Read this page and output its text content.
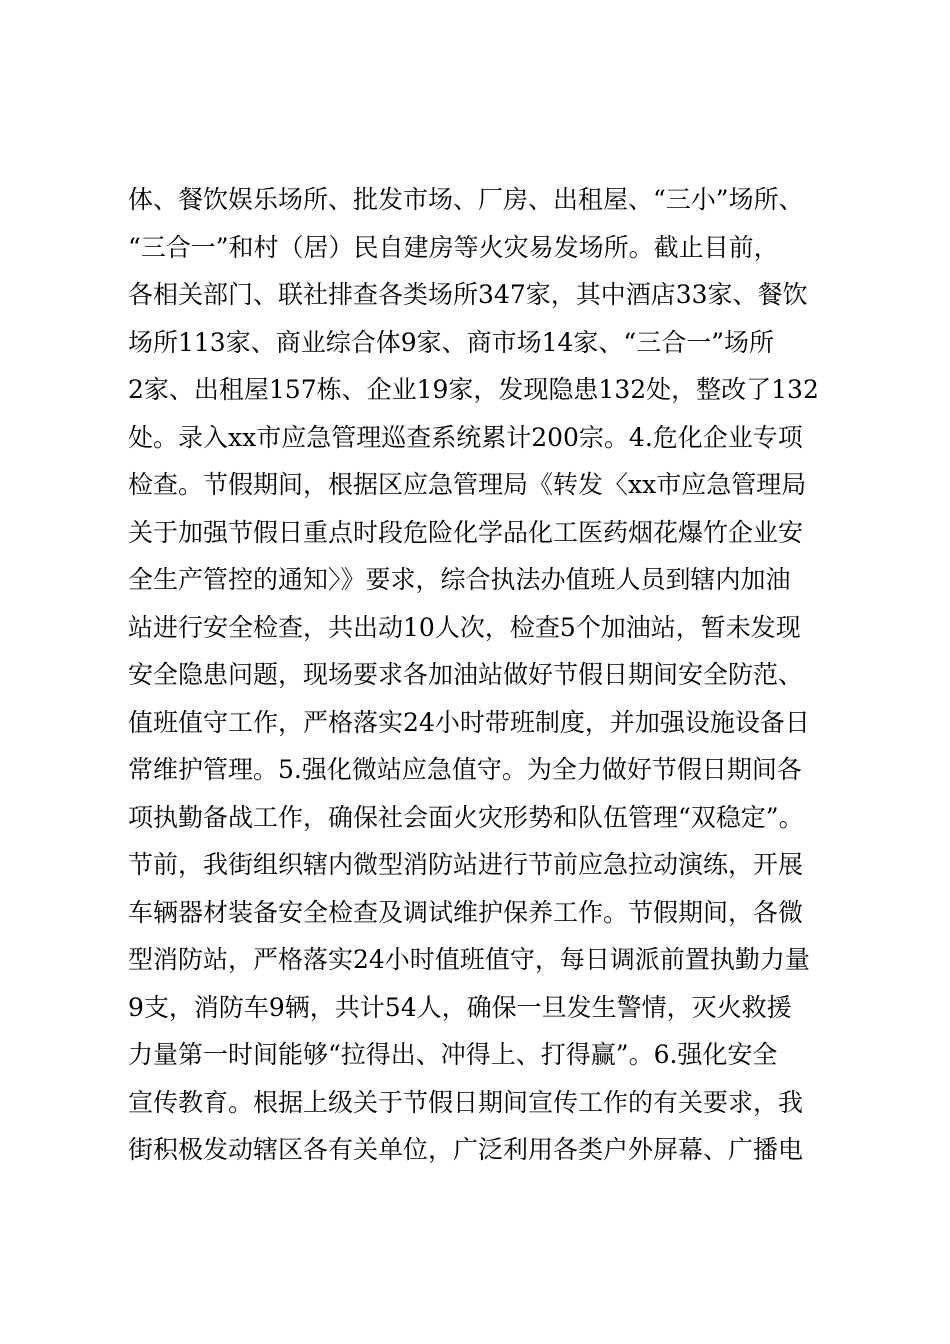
体、餐饮娱乐场所、批发市场、厂房、出租屋、“三小”场所、
“三合一”和村（居）民自建房等火灾易发场所。截止目前，
各相关部门、联社排查各类场所347家，其中酒店33家、餐饮
场所113家、商业综合体9家、商市场14家、“三合一”场所
2家、出租屋157栋、企业19家，发现隐患132处，整改了132
处。录入xx市应急管理巡查系统累计200宗。4.危化企业专项
检查。节假期间，根据区应急管理局《转发〈xx市应急管理局
关于加强节假日重点时段危险化学品化工医药烟花爆竹企业安
全生产管控的通知〉》要求，综合执法办值班人员到辖内加油
站进行安全检查，共出动10人次，检查5个加油站，暂未发现
安全隐患问题，现场要求各加油站做好节假日期间安全防范、
值班值守工作，严格落实24小时带班制度，并加强设施设备日
常维护管理。5.强化微站应急值守。为全力做好节假日期间各
项执勤备战工作，确保社会面火灾形势和队伍管理“双稳定”。
节前，我街组织辖内微型消防站进行节前应急拉动演练，开展
车辆器材装备安全检查及调试维护保养工作。节假期间，各微
型消防站，严格落实24小时值班值守，每日调派前置执勤力量
9支，消防车9辆，共计54人，确保一旦发生警情，灭火救援
力量第一时间能够“拉得出、冲得上、打得赢”。6.强化安全
宣传教育。根据上级关于节假日期间宣传工作的有关要求，我
街积极发动辖区各有关单位，广泛利用各类户外屏幕、广播电
